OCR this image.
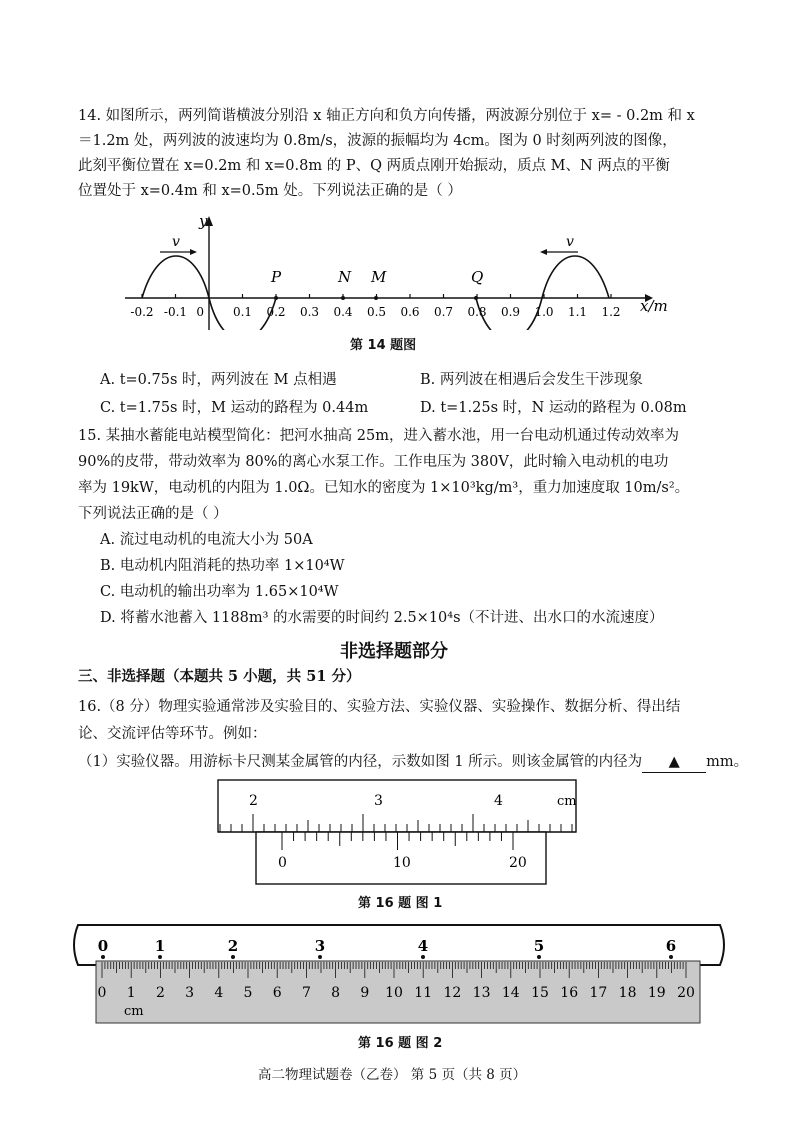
14. 如图所示，两列简谐横波分别沿 x 轴正方向和负方向传播，两波源分别位于 x= - 0.2m 和 x
＝1.2m 处，两列波的波速均为 0.8m/s，波源的振幅均为 4cm。图为 0 时刻两列波的图像，
此刻平衡位置在 x=0.2m 和 x=0.8m 的 P、Q 两质点刚开始振动，质点 M、N 两点的平衡
位置处于 x=0.4m 和 x=0.5m 处。下列说法正确的是（ ）
y
x/m
-0.2 -0.1	0.1 0.2 0.3 0.4 0.5 0.6 0.7 0.8 0.9 1.0 1.1 1.2
0
v	v
P	N M	Q
第 14 题图
A. t=0.75s 时，两列波在 M 点相遇	B. 两列波在相遇后会发生干涉现象
C. t=1.75s 时，M 运动的路程为 0.44m	D. t=1.25s 时，N 运动的路程为 0.08m
15. 某抽水蓄能电站模型简化：把河水抽高 25m，进入蓄水池，用一台电动机通过传动效率为
90%的皮带，带动效率为 80%的离心水泵工作。工作电压为 380V，此时输入电动机的电功
率为 19kW，电动机的内阻为 1.0Ω。已知水的密度为 1×10³kg/m³，重力加速度取 10m/s²。
下列说法正确的是（ ）
A. 流过电动机的电流大小为 50A
B. 电动机内阻消耗的热功率 1×10⁴W
C. 电动机的输出功率为 1.65×10⁴W
D. 将蓄水池蓄入 1188m³ 的水需要的时间约 2.5×10⁴s（不计进、出水口的水流速度）
非选择题部分
三、非选择题（本题共 5 小题，共 51 分）
16.（8 分）物理实验通常涉及实验目的、实验方法、实验仪器、实验操作、数据分析、得出结
论、交流评估等环节。例如：
（1）实验仪器。用游标卡尺测某金属管的内径，示数如图 1 所示。则该金属管的内径为 ▲ mm。
2	3	4	cm
0	10	20
第 16 题 图 1
0	1	2	3	4	5	6
0 1 2 3 4 5 6 7 8 9 10 11 12 13 14 15 16 17 18 19 20
cm
第 16 题 图 2
高二物理试题卷（乙卷） 第 5 页（共 8 页）
